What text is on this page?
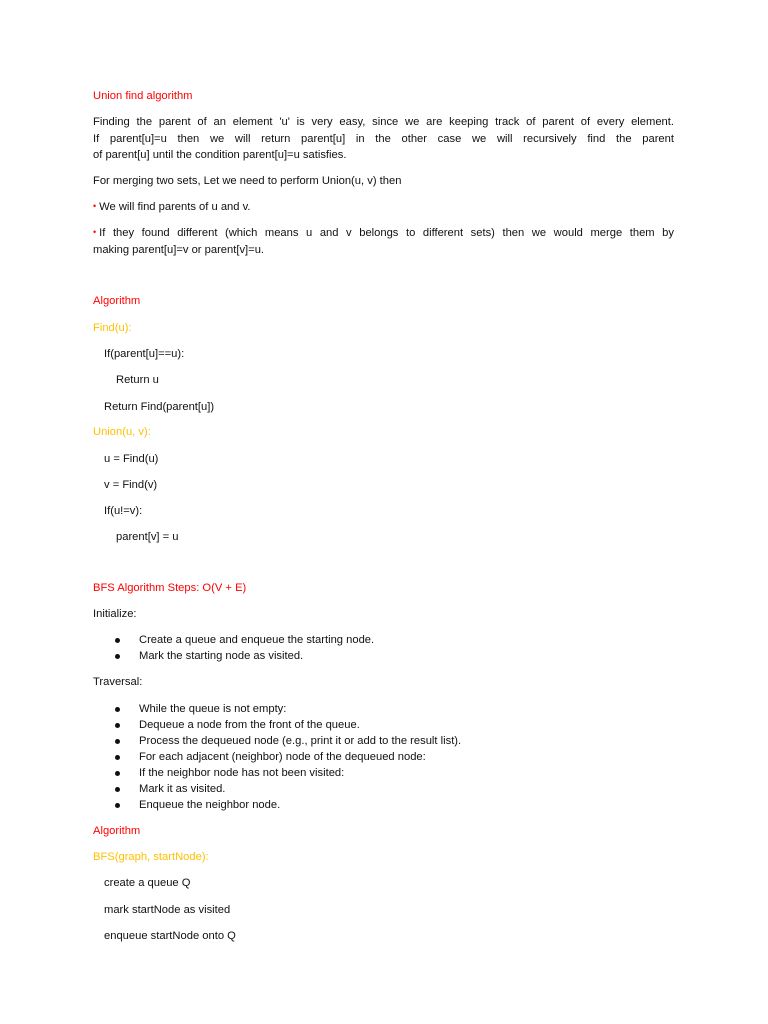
Union find algorithm

Finding the parent of an element 'u' is very easy, since we are keeping track of parent of every element.

If parent[u]=u then we will return parent[u] in the other case we will recursively find the parent

of parent[u] until the condition parent[u]=u satisfies.

For merging two sets, Let we need to perform Union(u, v) then

• We will find parents of u and v.

• If they found different (which means u and v belongs to different sets) then we would merge them by

making parent[u]=v or parent[v]=u.

Algorithm

Find(u):

If(parent[u]==u):

Return u

Return Find(parent[u])

Union(u, v):

u = Find(u)

v = Find(v)

If(u!=v):

parent[v] = u

BFS Algorithm Steps: O(V + E)

Initialize:

Create a queue and enqueue the starting node.
Mark the starting node as visited.

Traversal:

While the queue is not empty:
Dequeue a node from the front of the queue.
Process the dequeued node (e.g., print it or add to the result list).
For each adjacent (neighbor) node of the dequeued node:
If the neighbor node has not been visited:
Mark it as visited.
Enqueue the neighbor node.

Algorithm

BFS(graph, startNode):

create a queue Q

mark startNode as visited

enqueue startNode onto Q
